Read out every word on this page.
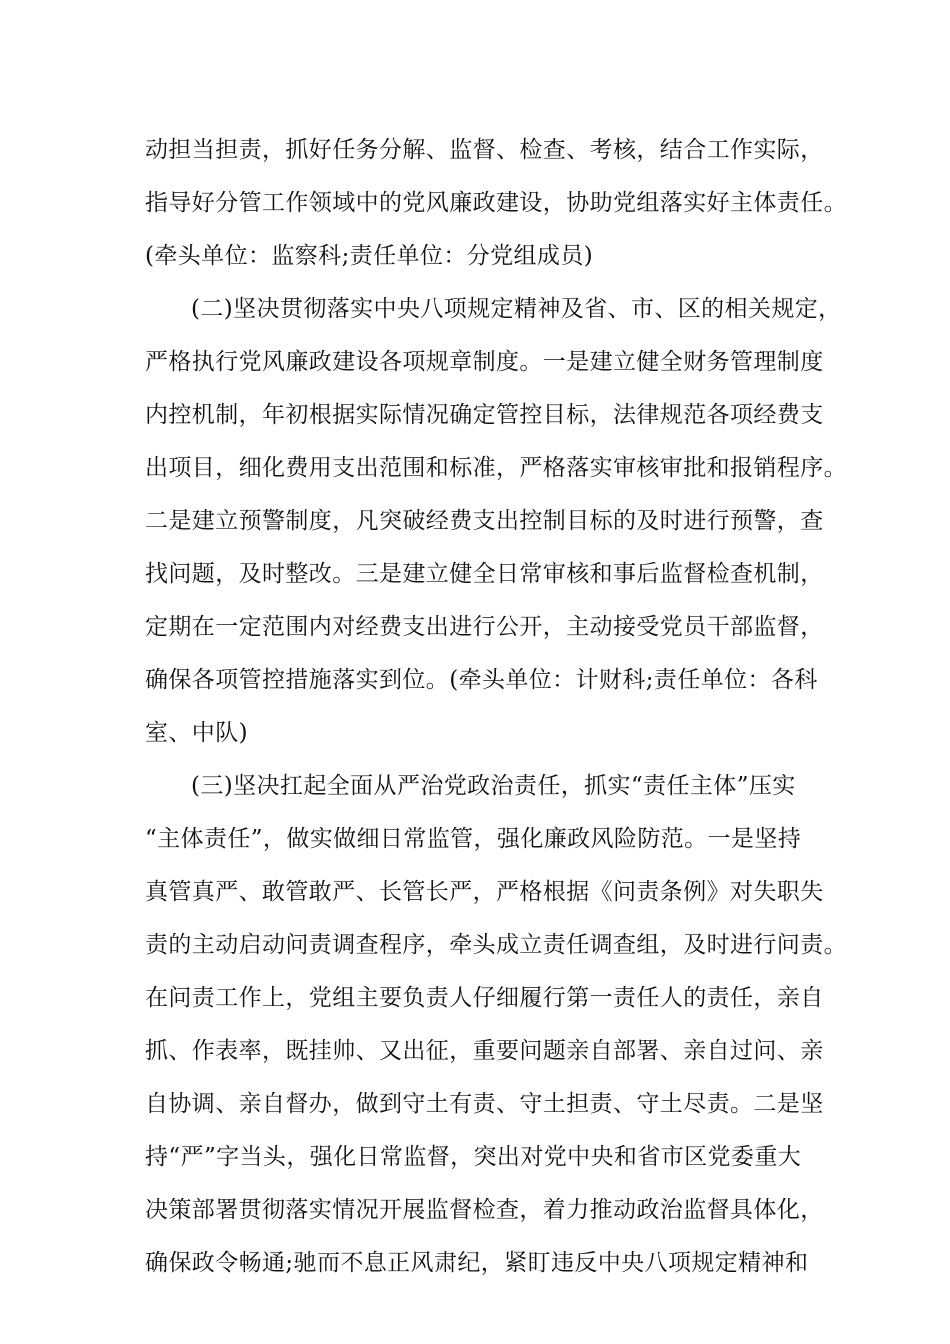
动担当担责，抓好任务分解、监督、检查、考核，结合工作实际，
指导好分管工作领域中的党风廉政建设，协助党组落实好主体责任。
(牵头单位：监察科;责任单位：分党组成员)
(二)坚决贯彻落实中央八项规定精神及省、市、区的相关规定，
严格执行党风廉政建设各项规章制度。一是建立健全财务管理制度
内控机制，年初根据实际情况确定管控目标，法律规范各项经费支
出项目，细化费用支出范围和标准，严格落实审核审批和报销程序。
二是建立预警制度，凡突破经费支出控制目标的及时进行预警，查
找问题，及时整改。三是建立健全日常审核和事后监督检查机制，
定期在一定范围内对经费支出进行公开，主动接受党员干部监督，
确保各项管控措施落实到位。(牵头单位：计财科;责任单位：各科
室、中队)
(三)坚决扛起全面从严治党政治责任，抓实“责任主体”压实
“主体责任”，做实做细日常监管，强化廉政风险防范。一是坚持
真管真严、敢管敢严、长管长严，严格根据《问责条例》对失职失
责的主动启动问责调查程序，牵头成立责任调查组，及时进行问责。
在问责工作上，党组主要负责人仔细履行第一责任人的责任，亲自
抓、作表率，既挂帅、又出征，重要问题亲自部署、亲自过问、亲
自协调、亲自督办，做到守土有责、守土担责、守土尽责。二是坚
持“严”字当头，强化日常监督，突出对党中央和省市区党委重大
决策部署贯彻落实情况开展监督检查，着力推动政治监督具体化，
确保政令畅通;驰而不息正风肃纪，紧盯违反中央八项规定精神和
